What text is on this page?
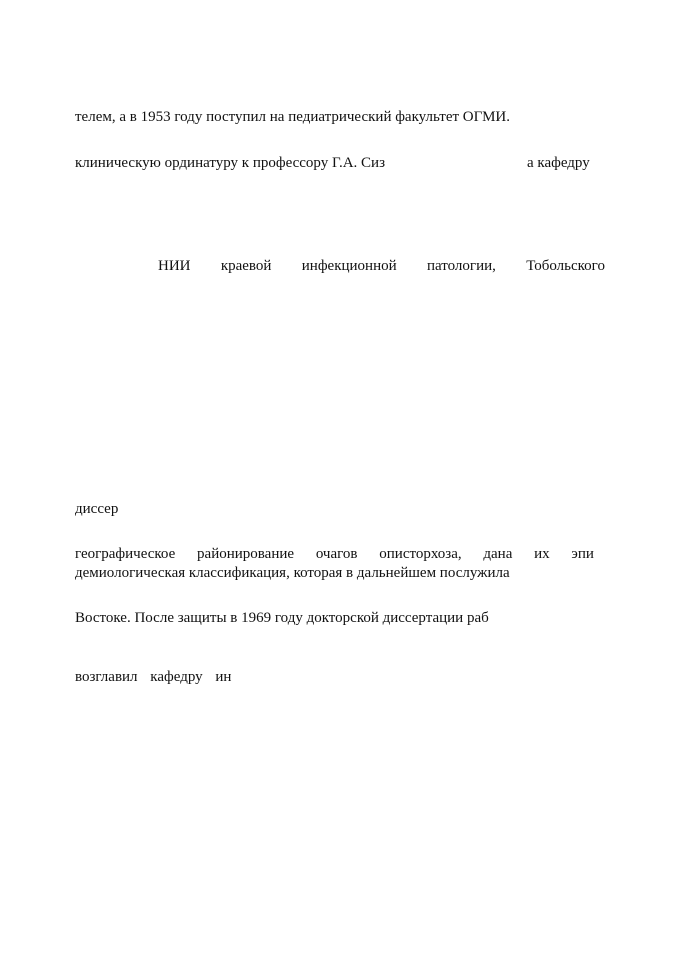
телем, а в 1953 году поступил на педиатрический факультет ОГМИ.
клиническую ординатуру к профессору Г.А. Сиз	а кафедру
НИИ краевой инфекционной патологии, Тобольского
диссер
географическое районирование очагов описторхоза, дана их эпи
демиологическая классификация, которая в дальнейшем послужила
Востоке. После защиты в 1969 году докторской диссертации раб
возглавил кафедру ин
